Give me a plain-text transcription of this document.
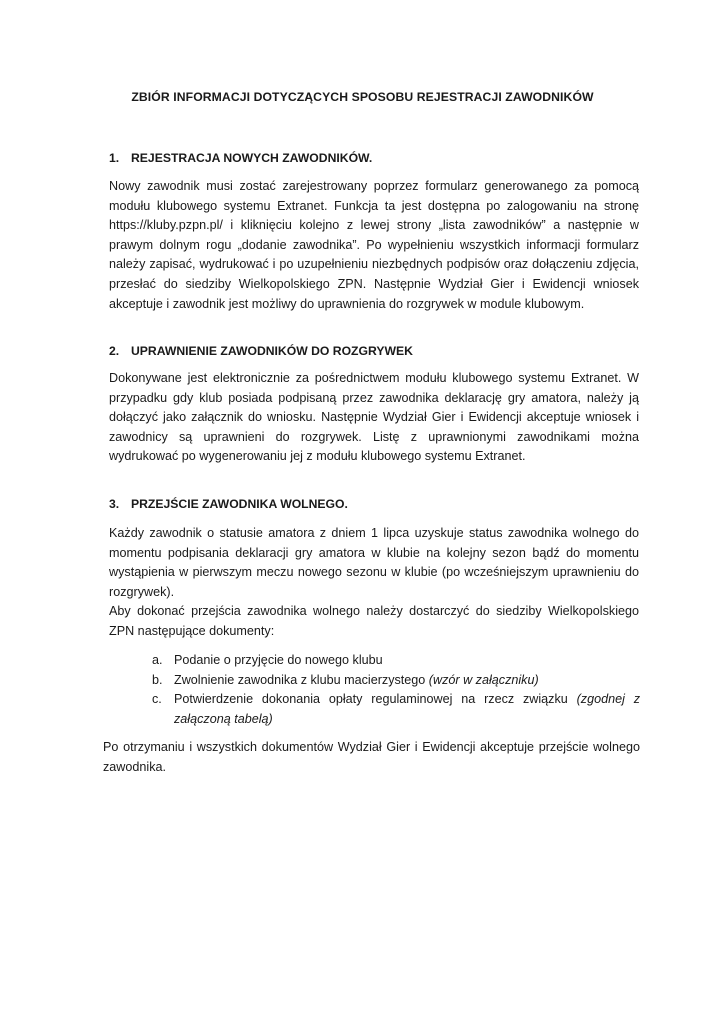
ZBIÓR INFORMACJI DOTYCZĄCYCH SPOSOBU REJESTRACJI ZAWODNIKÓW
1. REJESTRACJA NOWYCH ZAWODNIKÓW.

Nowy zawodnik musi zostać zarejestrowany poprzez formularz generowanego za pomocą modułu klubowego systemu Extranet. Funkcja ta jest dostępna po zalogowaniu na stronę https://kluby.pzpn.pl/ i kliknięciu kolejno z lewej strony „lista zawodników” a następnie w prawym dolnym rogu „dodanie zawodnika”. Po wypełnieniu wszystkich informacji formularz należy zapisać, wydrukować i po uzupełnieniu niezbędnych podpisów oraz dołączeniu zdjęcia, przesłać do siedziby Wielkopolskiego ZPN. Następnie Wydział Gier i Ewidencji wniosek akceptuje i zawodnik jest możliwy do uprawnienia do rozgrywek w module klubowym.

2. UPRAWNIENIE ZAWODNIKÓW DO ROZGRYWEK

Dokonywane jest elektronicznie za pośrednictwem modułu klubowego systemu Extranet. W przypadku gdy klub posiada podpisaną przez zawodnika deklarację gry amatora, należy ją dołączyć jako załącznik do wniosku. Następnie Wydział Gier i Ewidencji akceptuje wniosek i zawodnicy są uprawnieni do rozgrywek. Listę z uprawnionymi zawodnikami można wydrukować po wygenerowaniu jej z modułu klubowego systemu Extranet.

3. PRZEJŚCIE ZAWODNIKA WOLNEGO.

Każdy zawodnik o statusie amatora z dniem 1 lipca uzyskuje status zawodnika wolnego do momentu podpisania deklaracji gry amatora w klubie na kolejny sezon bądź do momentu wystąpienia w pierwszym meczu nowego sezonu w klubie (po wcześniejszym uprawnieniu do rozgrywek).

Aby dokonać przejścia zawodnika wolnego należy dostarczyć do siedziby Wielkopolskiego ZPN następujące dokumenty:

a. Podanie o przyjęcie do nowego klubu
b. Zwolnienie zawodnika z klubu macierzystego (wzór w załączniku)
c. Potwierdzenie dokonania opłaty regulaminowej na rzecz związku (zgodnej z załączoną tabelą)

Po otrzymaniu i wszystkich dokumentów Wydział Gier i Ewidencji akceptuje przejście wolnego zawodnika.
